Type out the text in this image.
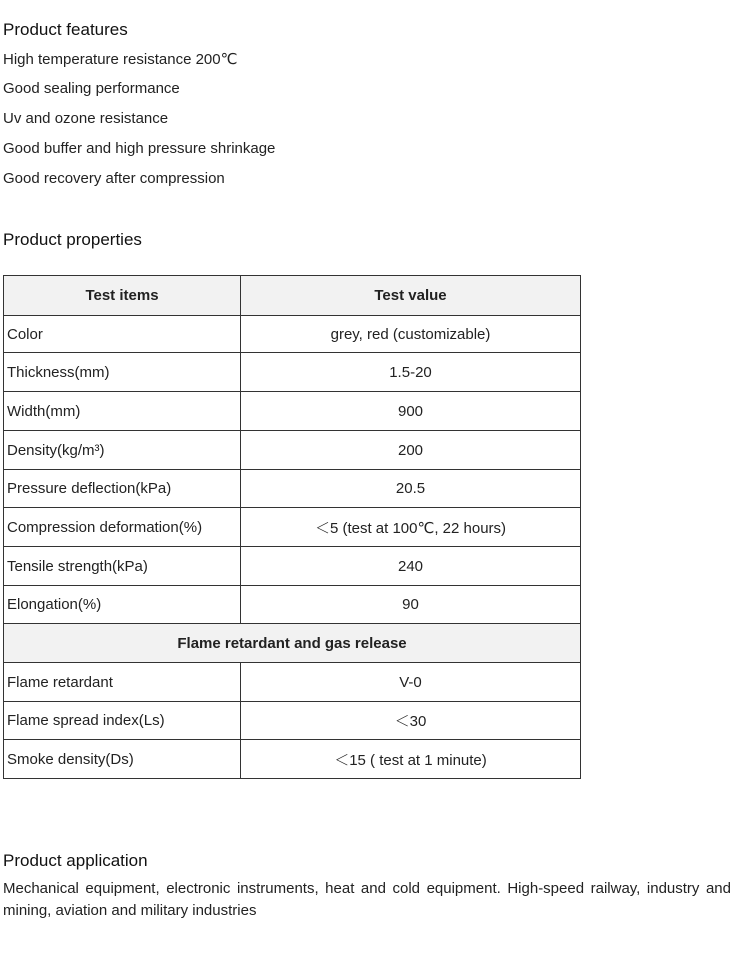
Product features
High temperature resistance 200℃
Good sealing performance
Uv and ozone resistance
Good buffer and high pressure shrinkage
Good recovery after compression
Product properties
Test items	Test value
Color	grey, red (customizable)
Thickness(mm)	1.5-20
Width(mm)	900
Density(kg/m³)	200
Pressure deflection(kPa)	20.5
Compression deformation(%)	＜5 (test at 100℃, 22 hours)
Tensile strength(kPa)	240
Elongation(%)	90
Flame retardant and gas release	
Flame retardant	V-0
Flame spread index(Ls)	＜30
Smoke density(Ds)	＜15 ( test at 1 minute)
Product application
Mechanical equipment, electronic instruments, heat and cold equipment. High-speed railway, industry and mining, aviation and military industries
